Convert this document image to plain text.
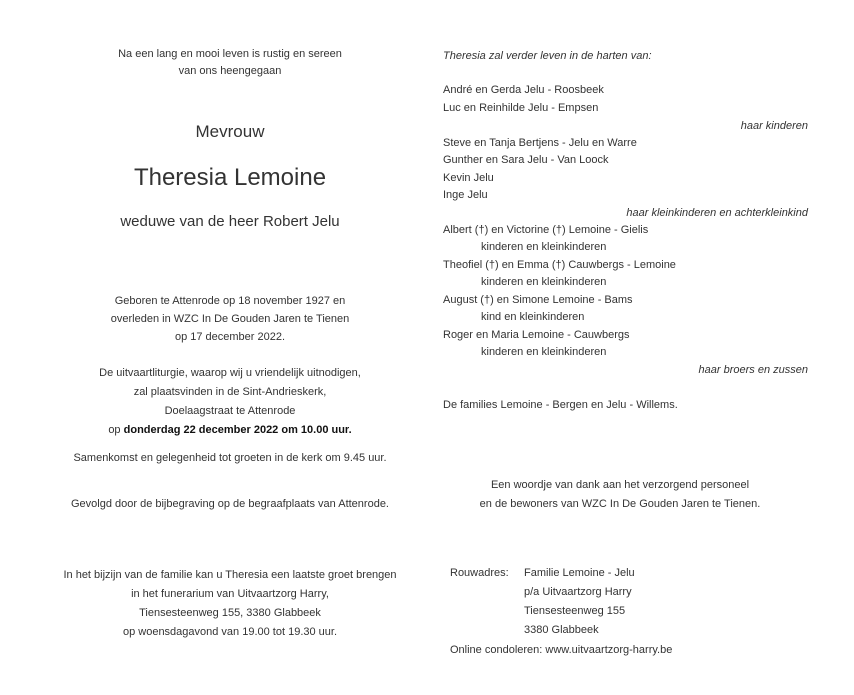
Na een lang en mooi leven is rustig en sereen
van ons heengegaan
Mevrouw
Theresia Lemoine
weduwe van de heer Robert Jelu
Geboren te Attenrode op 18 november 1927 en
overleden in WZC In De Gouden Jaren te Tienen
op 17 december 2022.
De uitvaartliturgie, waarop wij u vriendelijk uitnodigen,
zal plaatsvinden in de Sint-Andrieskerk,
Doelaagstraat te Attenrode
op donderdag 22 december 2022 om 10.00 uur.
Samenkomst en gelegenheid tot groeten in de kerk om 9.45 uur.
Gevolgd door de bijbegraving op de begraafplaats van Attenrode.
In het bijzijn van de familie kan u Theresia een laatste groet brengen
in het funerarium van Uitvaartzorg Harry,
Tiensesteenweg 155, 3380 Glabbeek
op woensdagavond van 19.00 tot 19.30 uur.
Theresia zal verder leven in de harten van:
André en Gerda Jelu - Roosbeek
Luc en Reinhilde Jelu - Empsen
haar kinderen
Steve en Tanja Bertjens - Jelu en Warre
Gunther en Sara Jelu - Van Loock
Kevin Jelu
Inge Jelu
haar kleinkinderen en achterkleinkind
Albert (†) en Victorine (†) Lemoine - Gielis
kinderen en kleinkinderen
Theofiel (†) en Emma (†) Cauwbergs - Lemoine
kinderen en kleinkinderen
August (†) en Simone Lemoine - Bams
kind en kleinkinderen
Roger en Maria Lemoine - Cauwbergs
kinderen en kleinkinderen
haar broers en zussen
De families Lemoine - Bergen en Jelu - Willems.
Een woordje van dank aan het verzorgend personeel
en de bewoners van WZC In De Gouden Jaren te Tienen.
Rouwadres: Familie Lemoine - Jelu
p/a Uitvaartzorg Harry
Tiensesteenweg 155
3380 Glabbeek
Online condoleren: www.uitvaartzorg-harry.be
